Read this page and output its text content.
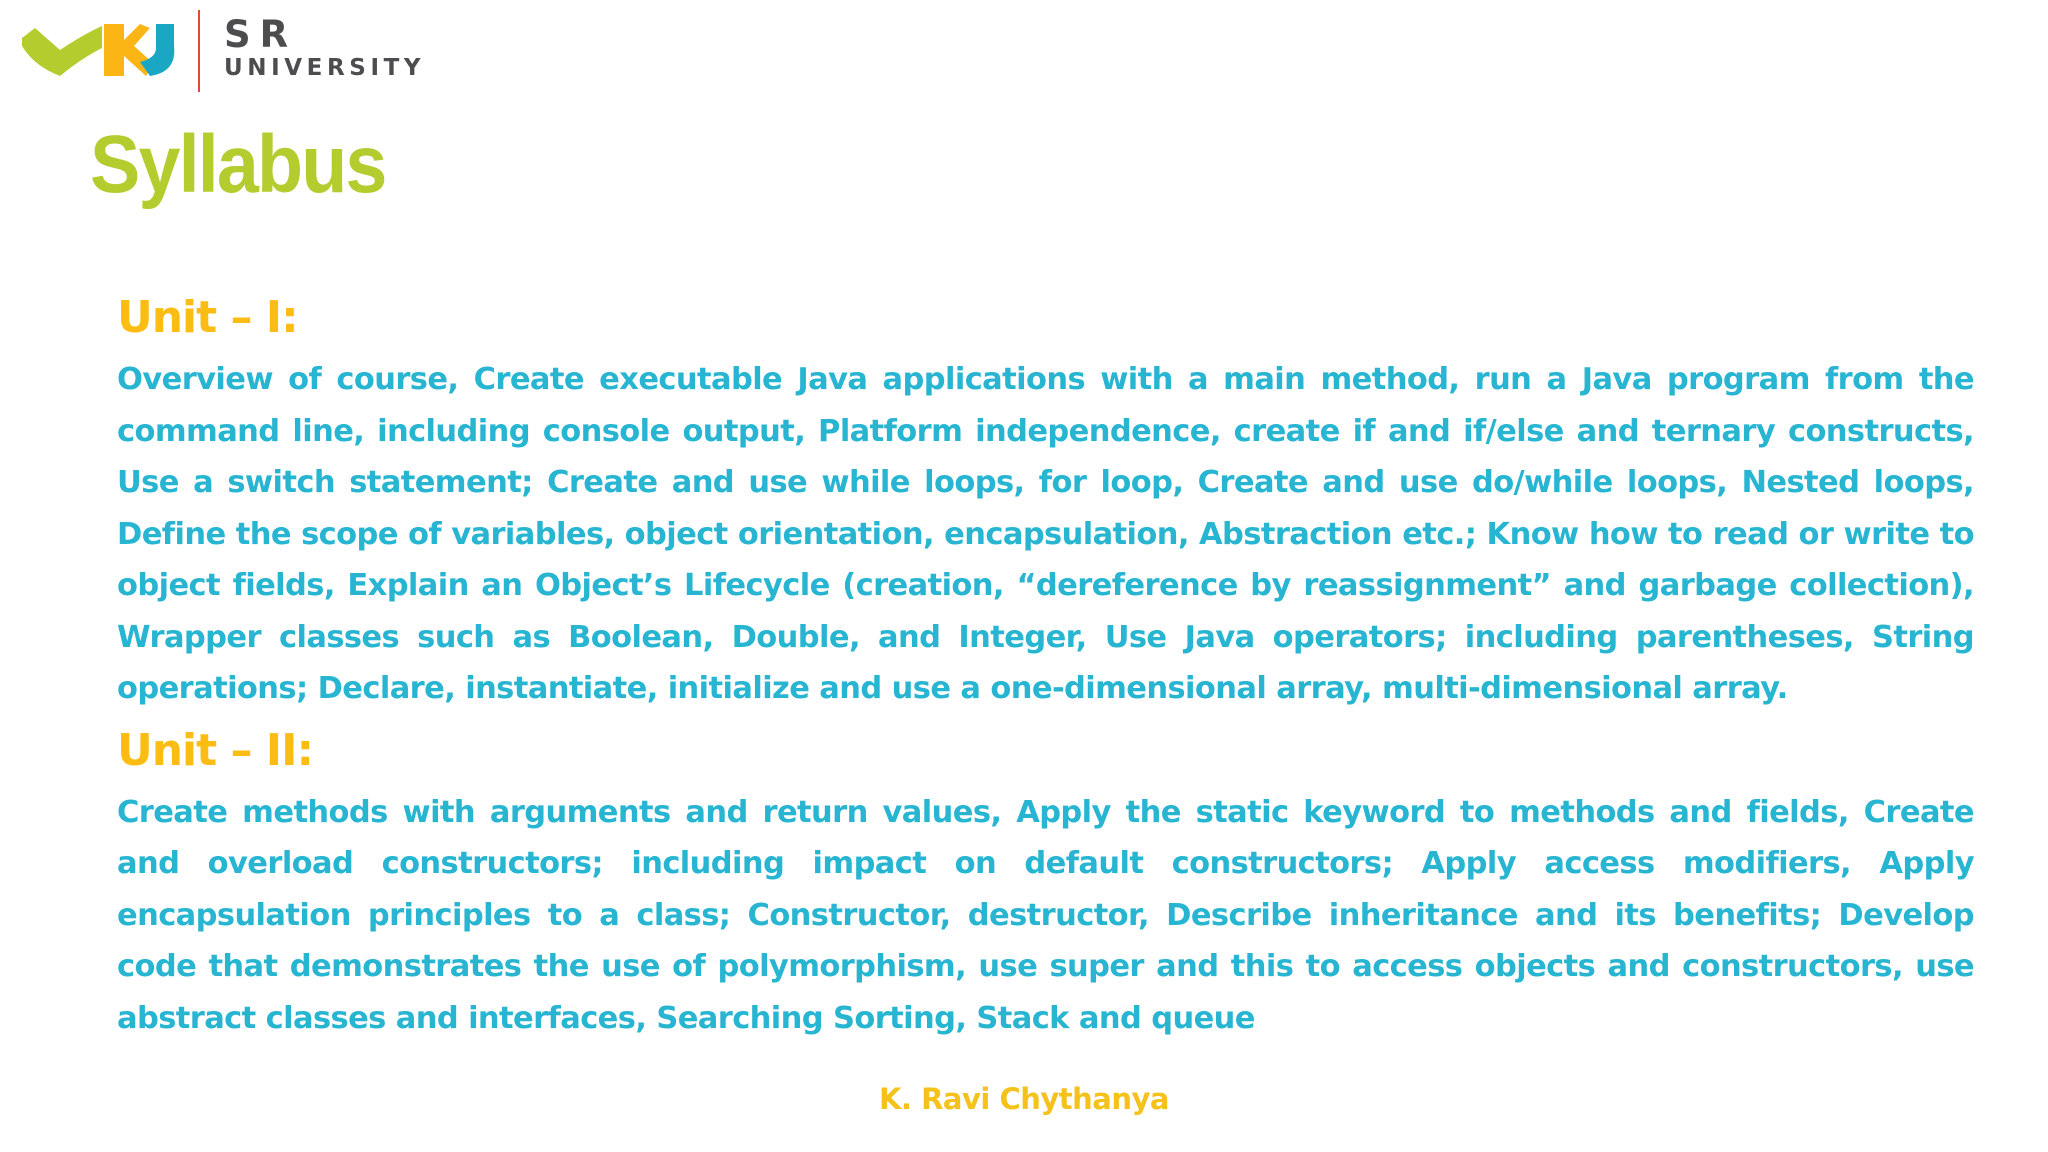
SR
UNIVERSITY
Syllabus
Unit – I:

Overview of course, Create executable Java applications with a main method, run a Java program from the command line, including console output, Platform independence, create if and if/else and ternary constructs, Use a switch statement; Create and use while loops, for loop, Create and use do/while loops, Nested loops, Define the scope of variables, object orientation, encapsulation, Abstraction etc.; Know how to read or write to object fields, Explain an Object’s Lifecycle (creation, “dereference by reassignment” and garbage collection), Wrapper classes such as Boolean, Double, and Integer, Use Java operators; including parentheses, String operations; Declare, instantiate, initialize and use a one-dimensional array, multi-dimensional array.

Unit – II:

Create methods with arguments and return values, Apply the static keyword to methods and fields, Create and overload constructors; including impact on default constructors; Apply access modifiers, Apply encapsulation principles to a class; Constructor, destructor, Describe inheritance and its benefits; Develop code that demonstrates the use of polymorphism, use super and this to access objects and constructors, use abstract classes and interfaces, Searching Sorting, Stack and queue

K. Ravi Chythanya
